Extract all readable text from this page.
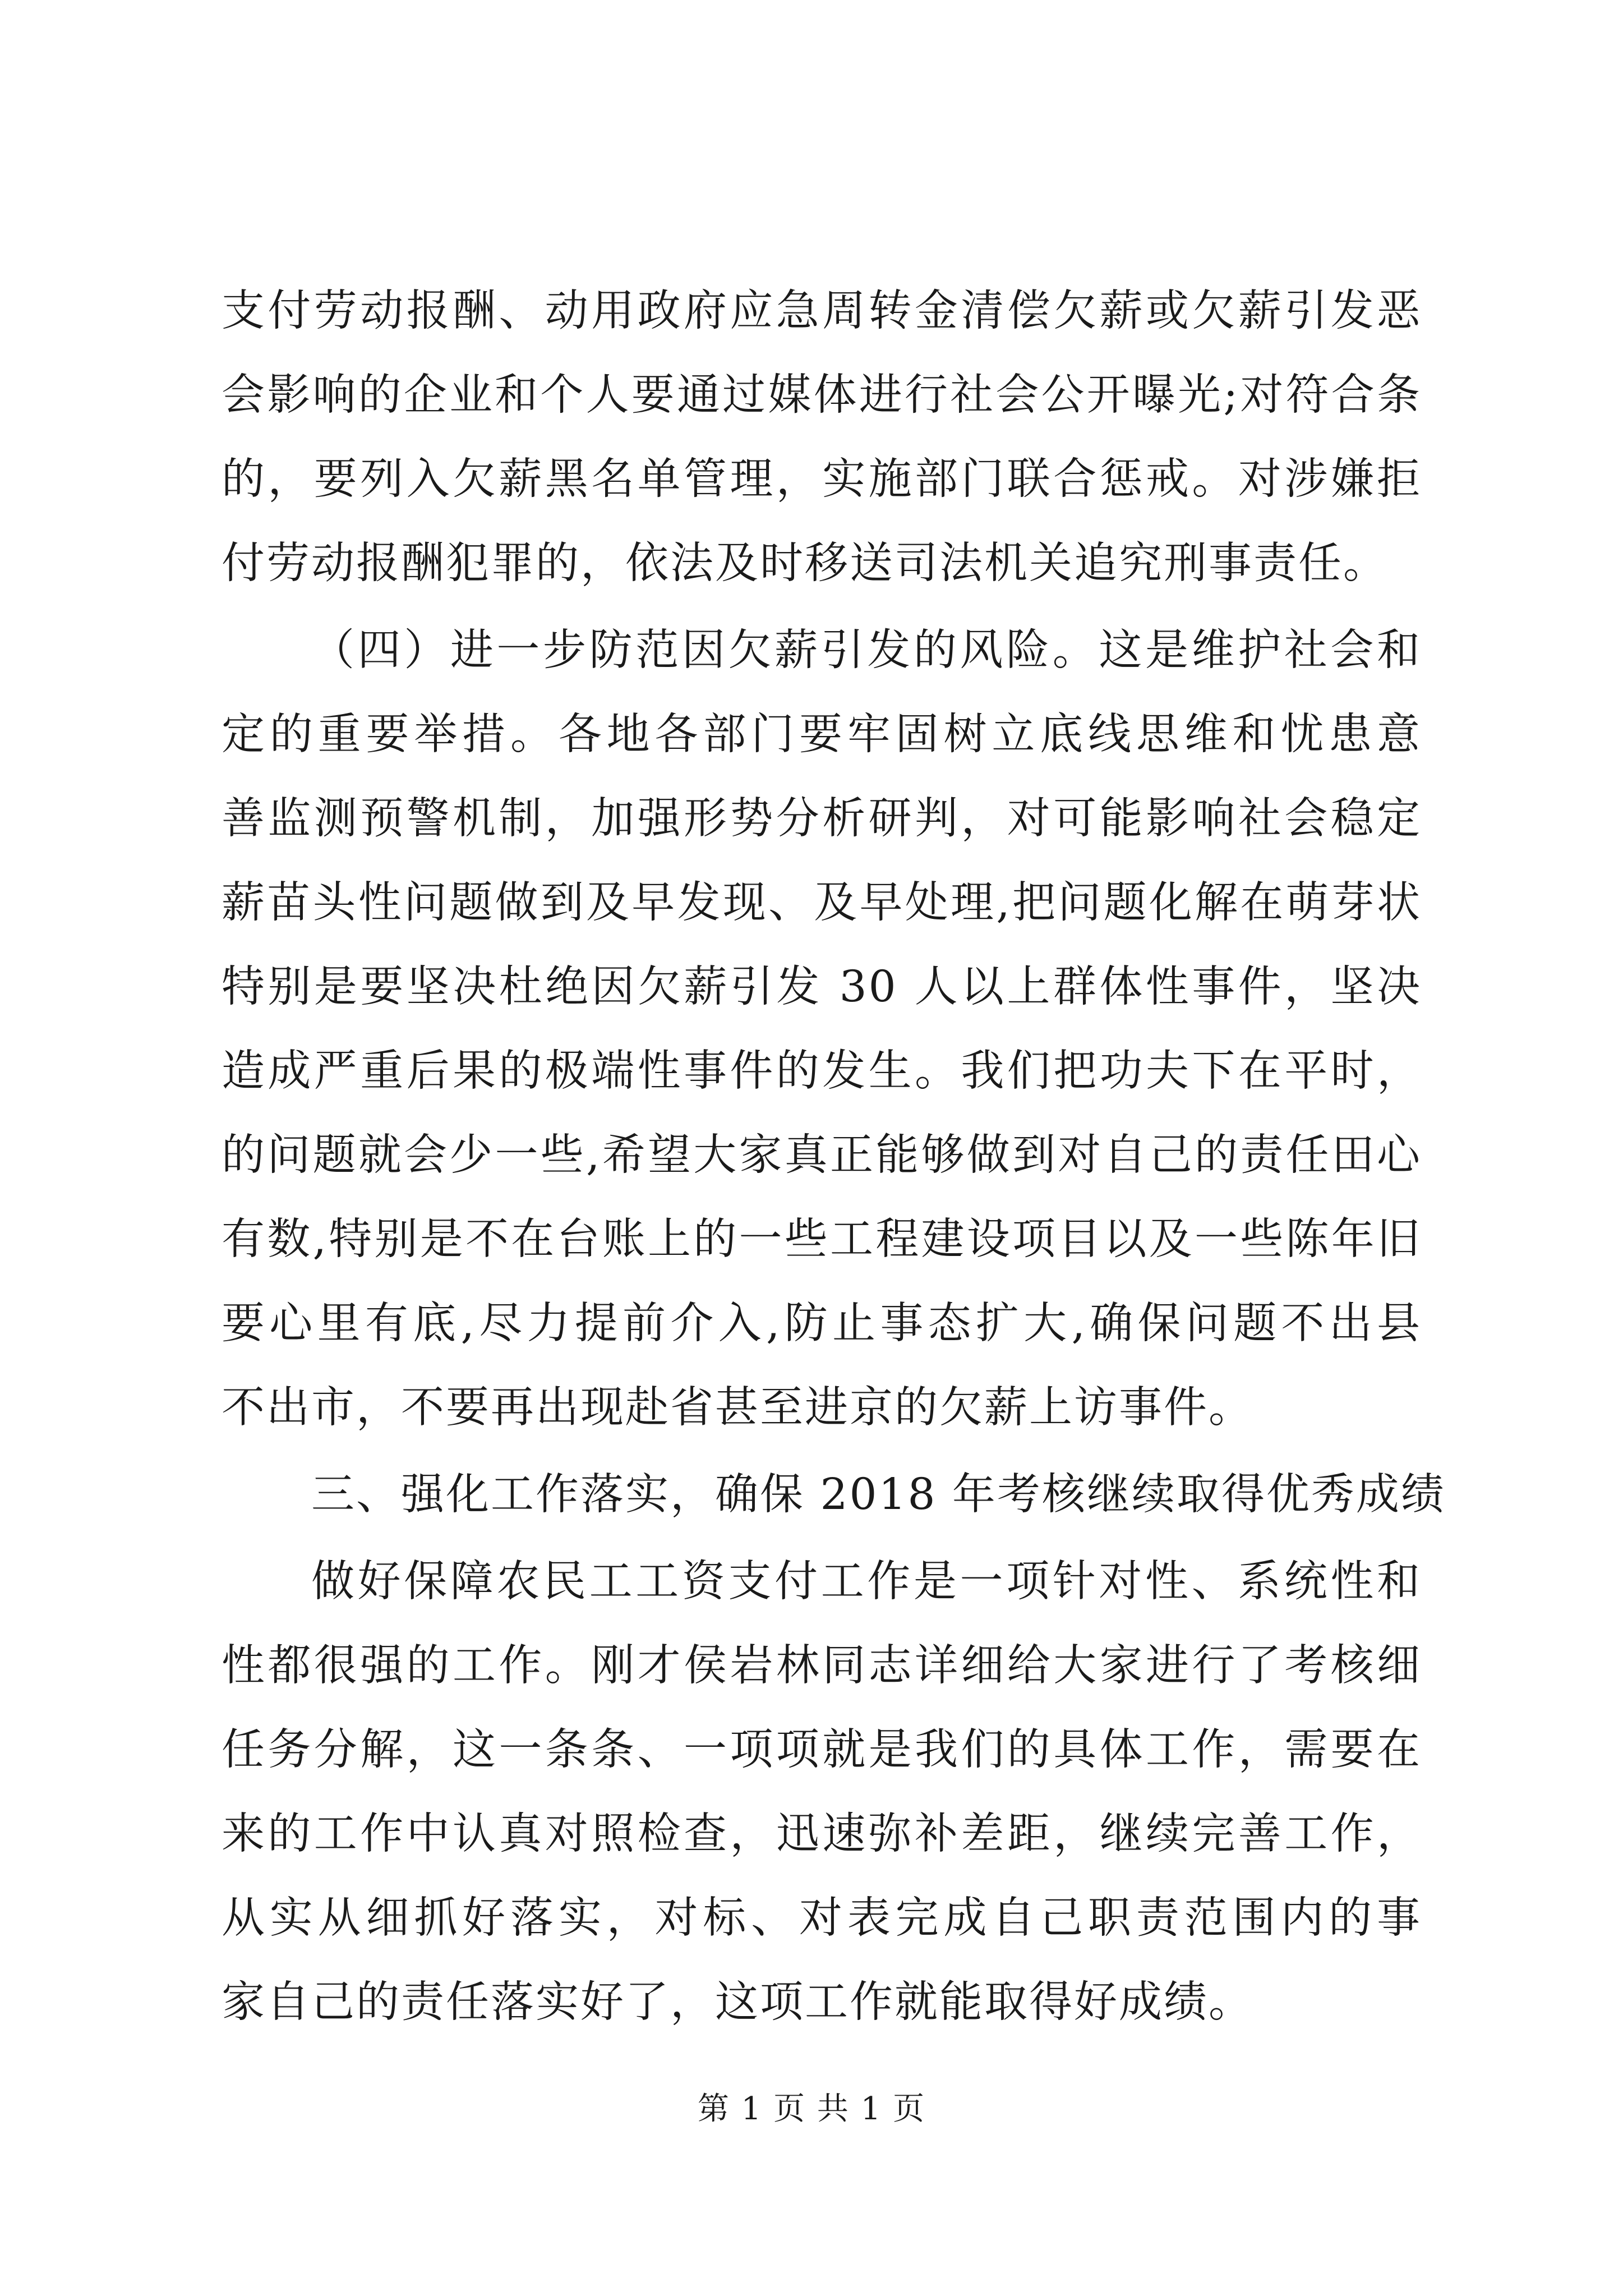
支付劳动报酬、动用政府应急周转金清偿欠薪或欠薪引发恶
会影响的企业和个人要通过媒体进行社会公开曝光;对符合条
的，要列入欠薪黑名单管理，实施部门联合惩戒。对涉嫌拒
付劳动报酬犯罪的，依法及时移送司法机关追究刑事责任。
（四）进一步防范因欠薪引发的风险。这是维护社会和
定的重要举措。各地各部门要牢固树立底线思维和忧患意
善监测预警机制，加强形势分析研判，对可能影响社会稳定
薪苗头性问题做到及早发现、及早处理,把问题化解在萌芽状
特别是要坚决杜绝因欠薪引发 30 人以上群体性事件，坚决
造成严重后果的极端性事件的发生。我们把功夫下在平时，
的问题就会少一些,希望大家真正能够做到对自己的责任田心
有数,特别是不在台账上的一些工程建设项目以及一些陈年旧
要心里有底,尽力提前介入,防止事态扩大,确保问题不出县
不出市，不要再出现赴省甚至进京的欠薪上访事件。
三、强化工作落实，确保 2018 年考核继续取得优秀成绩
做好保障农民工工资支付工作是一项针对性、系统性和
性都很强的工作。刚才侯岩林同志详细给大家进行了考核细
任务分解，这一条条、一项项就是我们的具体工作，需要在
来的工作中认真对照检查，迅速弥补差距，继续完善工作，
从实从细抓好落实，对标、对表完成自己职责范围内的事
家自己的责任落实好了，这项工作就能取得好成绩。
第 1 页 共 1 页
